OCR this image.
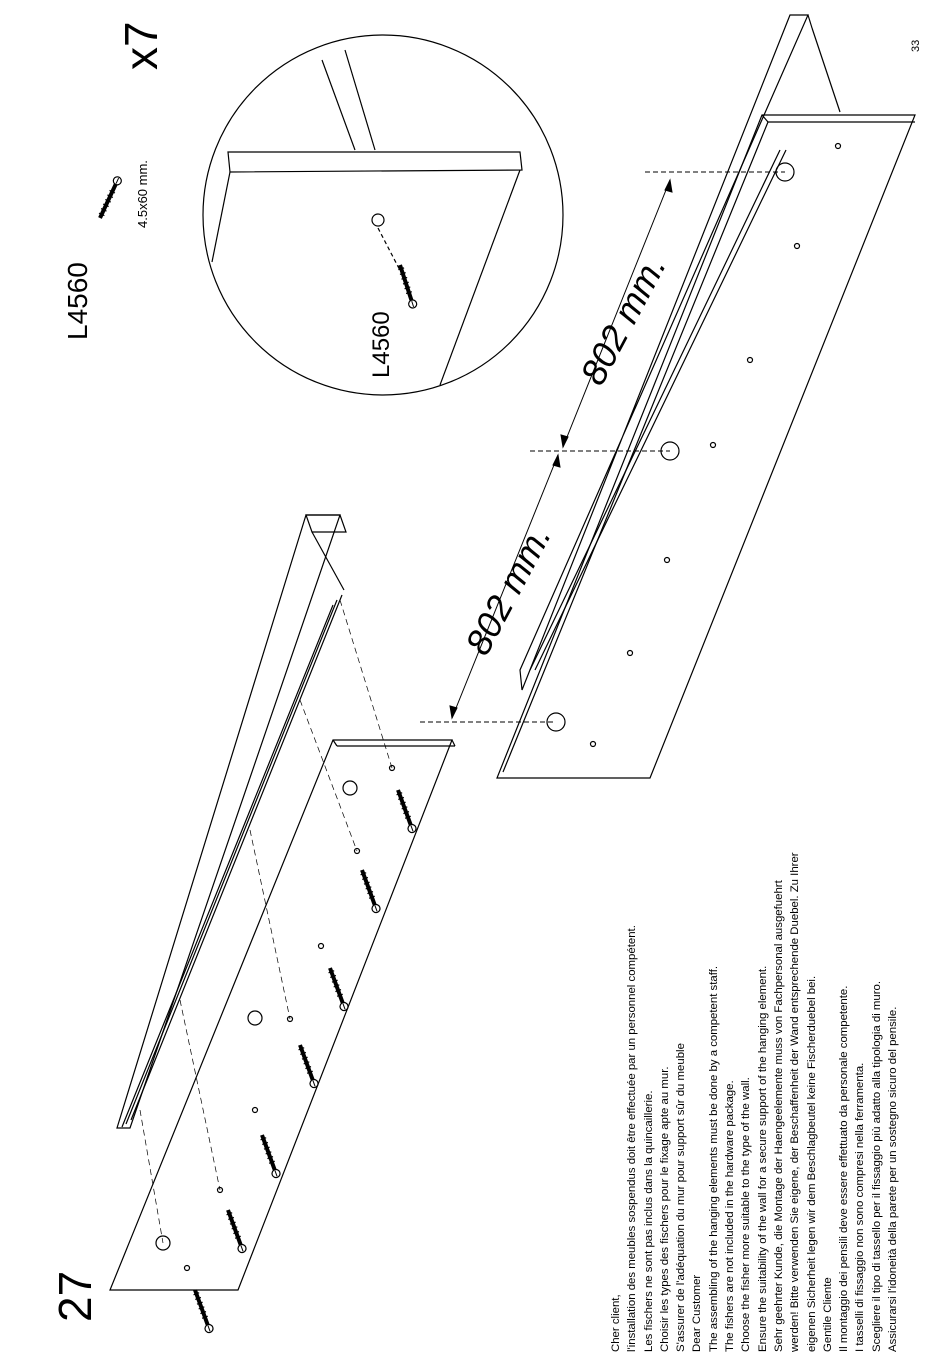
33
27
x7
L4560
4.5x60 mm.
L4560
802 mm.
802 mm.
Cher client, l'installation des meubles sospendus doit être effectuée par un personnel compétent. Les fischers ne sont pas inclus dans la quincaillerie. Choisir les types des fischers pour le fixage apte au mur. S'assurer de l'adéquation du mur pour support sûr du meuble Dear Customer The assembling of the hanging elements must be done by a competent staff. The fishers are not included in the hardware package. Choose the fisher more suitable to the type of the wall. Ensure the suitability of the wall for a secure support of the hanging element. Sehr geehrter Kunde, die Montage der Haengeelemente muss von Fachpersonal ausgefuehrt werden! Bitte verwenden Sie eigene, der Beschaffenheit der Wand entsprechende Duebel. Zu Ihrer eigenen Sicherheit legen wir dem Beschlagbeutel keine Fischerduebel bei. Gentile Cliente Il montaggio dei pensili deve essere effettuato da personale competente. I tasselli di fissaggio non sono compresi nella ferramenta. Scegliere il tipo di tassello per il fissaggio più adatto alla tipologia di muro. Assicurarsi l'idoneità della parete per un sostegno sicuro del pensile.
